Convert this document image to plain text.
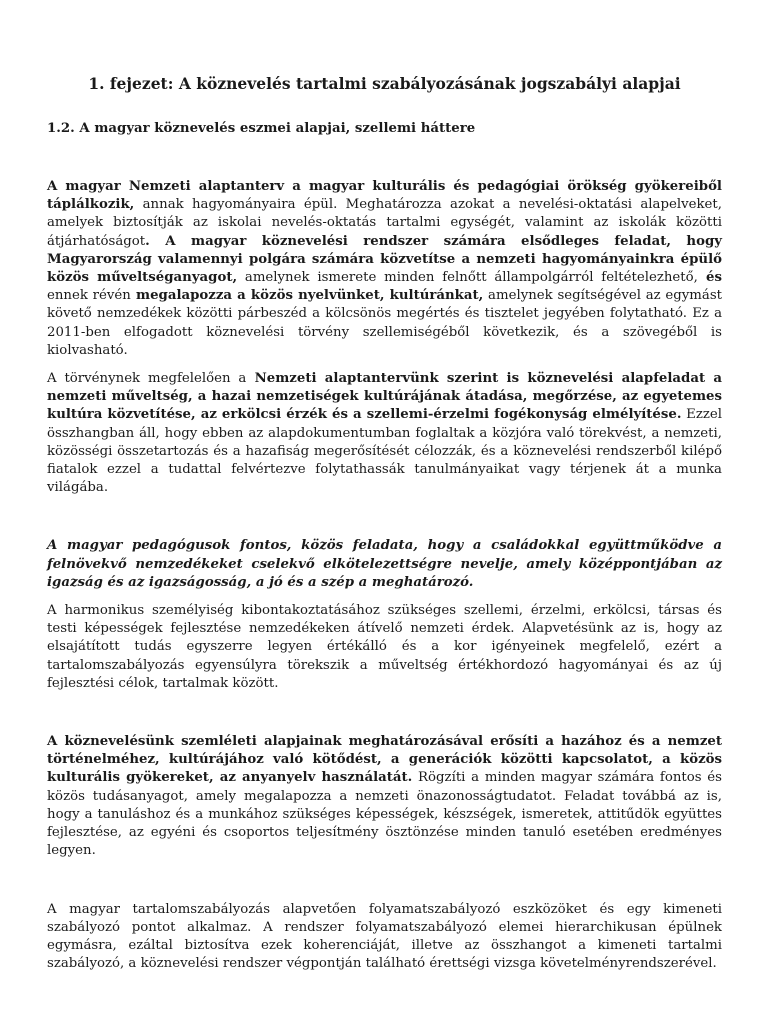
1. fejezet: A köznevelés tartalmi szabályozásának jogszabályi alapjai
1.2. A magyar köznevelés eszmei alapjai, szellemi háttere

A magyar Nemzeti alaptanterv a magyar kulturális és pedagógiai örökség gyökereiből táplálkozik, annak hagyományaira épül. Meghatározza azokat a nevelési-oktatási alapelveket, amelyek biztosítják az iskolai nevelés-oktatás tartalmi egységét, valamint az iskolák közötti átjárhatóságot. A magyar köznevelési rendszer számára elsődleges feladat, hogy Magyarország valamennyi polgára számára közvetítse a nemzeti hagyományainkra épülő közös műveltséganyagot, amelynek ismerete minden felnőtt állampolgárról feltételezhető, és ennek révén megalapozza a közös nyelvünket, kultúránkat, amelynek segítségével az egymást követő nemzedékek közötti párbeszéd a kölcsönös megértés és tisztelet jegyében folytatható. Ez a 2011-ben elfogadott köznevelési törvény szellemiségéből következik, és a szövegéből is kiolvasható.

A törvénynek megfelelően a Nemzeti alaptantervünk szerint is köznevelési alapfeladat a nemzeti műveltség, a hazai nemzetiségek kultúrájának átadása, megőrzése, az egyetemes kultúra közvetítése, az erkölcsi érzék és a szellemi-érzelmi fogékonyság elmélyítése. Ezzel összhangban áll, hogy ebben az alapdokumentumban foglaltak a közjóra való törekvést, a nemzeti, közösségi összetartozás és a hazafiság megerősítését célozzák, és a köznevelési rendszerből kilépő fiatalok ezzel a tudattal felvértezve folytathassák tanulmányaikat vagy térjenek át a munka világába.

A magyar pedagógusok fontos, közös feladata, hogy a családokkal együttműködve a felnövekvő nemzedékeket cselekvő elkötelezettségre nevelje, amely középpontjában az igazság és az igazságosság, a jó és a szép a meghatározó.

A harmonikus személyiség kibontakoztatásához szükséges szellemi, érzelmi, erkölcsi, társas és testi képességek fejlesztése nemzedékeken átívelő nemzeti érdek. Alapvetésünk az is, hogy az elsajátított tudás egyszerre legyen értékálló és a kor igényeinek megfelelő, ezért a tartalomszabályozás egyensúlyra törekszik a műveltség értékhordozó hagyományai és az új fejlesztési célok, tartalmak között.

A köznevelésünk szemléleti alapjainak meghatározásával erősíti a hazához és a nemzet történelméhez, kultúrájához való kötődést, a generációk közötti kapcsolatot, a közös kulturális gyökereket, az anyanyelv használatát. Rögzíti a minden magyar számára fontos és közös tudásanyagot, amely megalapozza a nemzeti önazonosságtudatot. Feladat továbbá az is, hogy a tanuláshoz és a munkához szükséges képességek, készségek, ismeretek, attitűdök együttes fejlesztése, az egyéni és csoportos teljesítmény ösztönzése minden tanuló esetében eredményes legyen.

A magyar tartalomszabályozás alapvetően folyamatszabályozó eszközöket és egy kimeneti szabályozó pontot alkalmaz. A rendszer folyamatszabályozó elemei hierarchikusan épülnek egymásra, ezáltal biztosítva ezek koherenciáját, illetve az összhangot a kimeneti tartalmi szabályozó, a köznevelési rendszer végpontján található érettségi vizsga követelményrendszerével.
